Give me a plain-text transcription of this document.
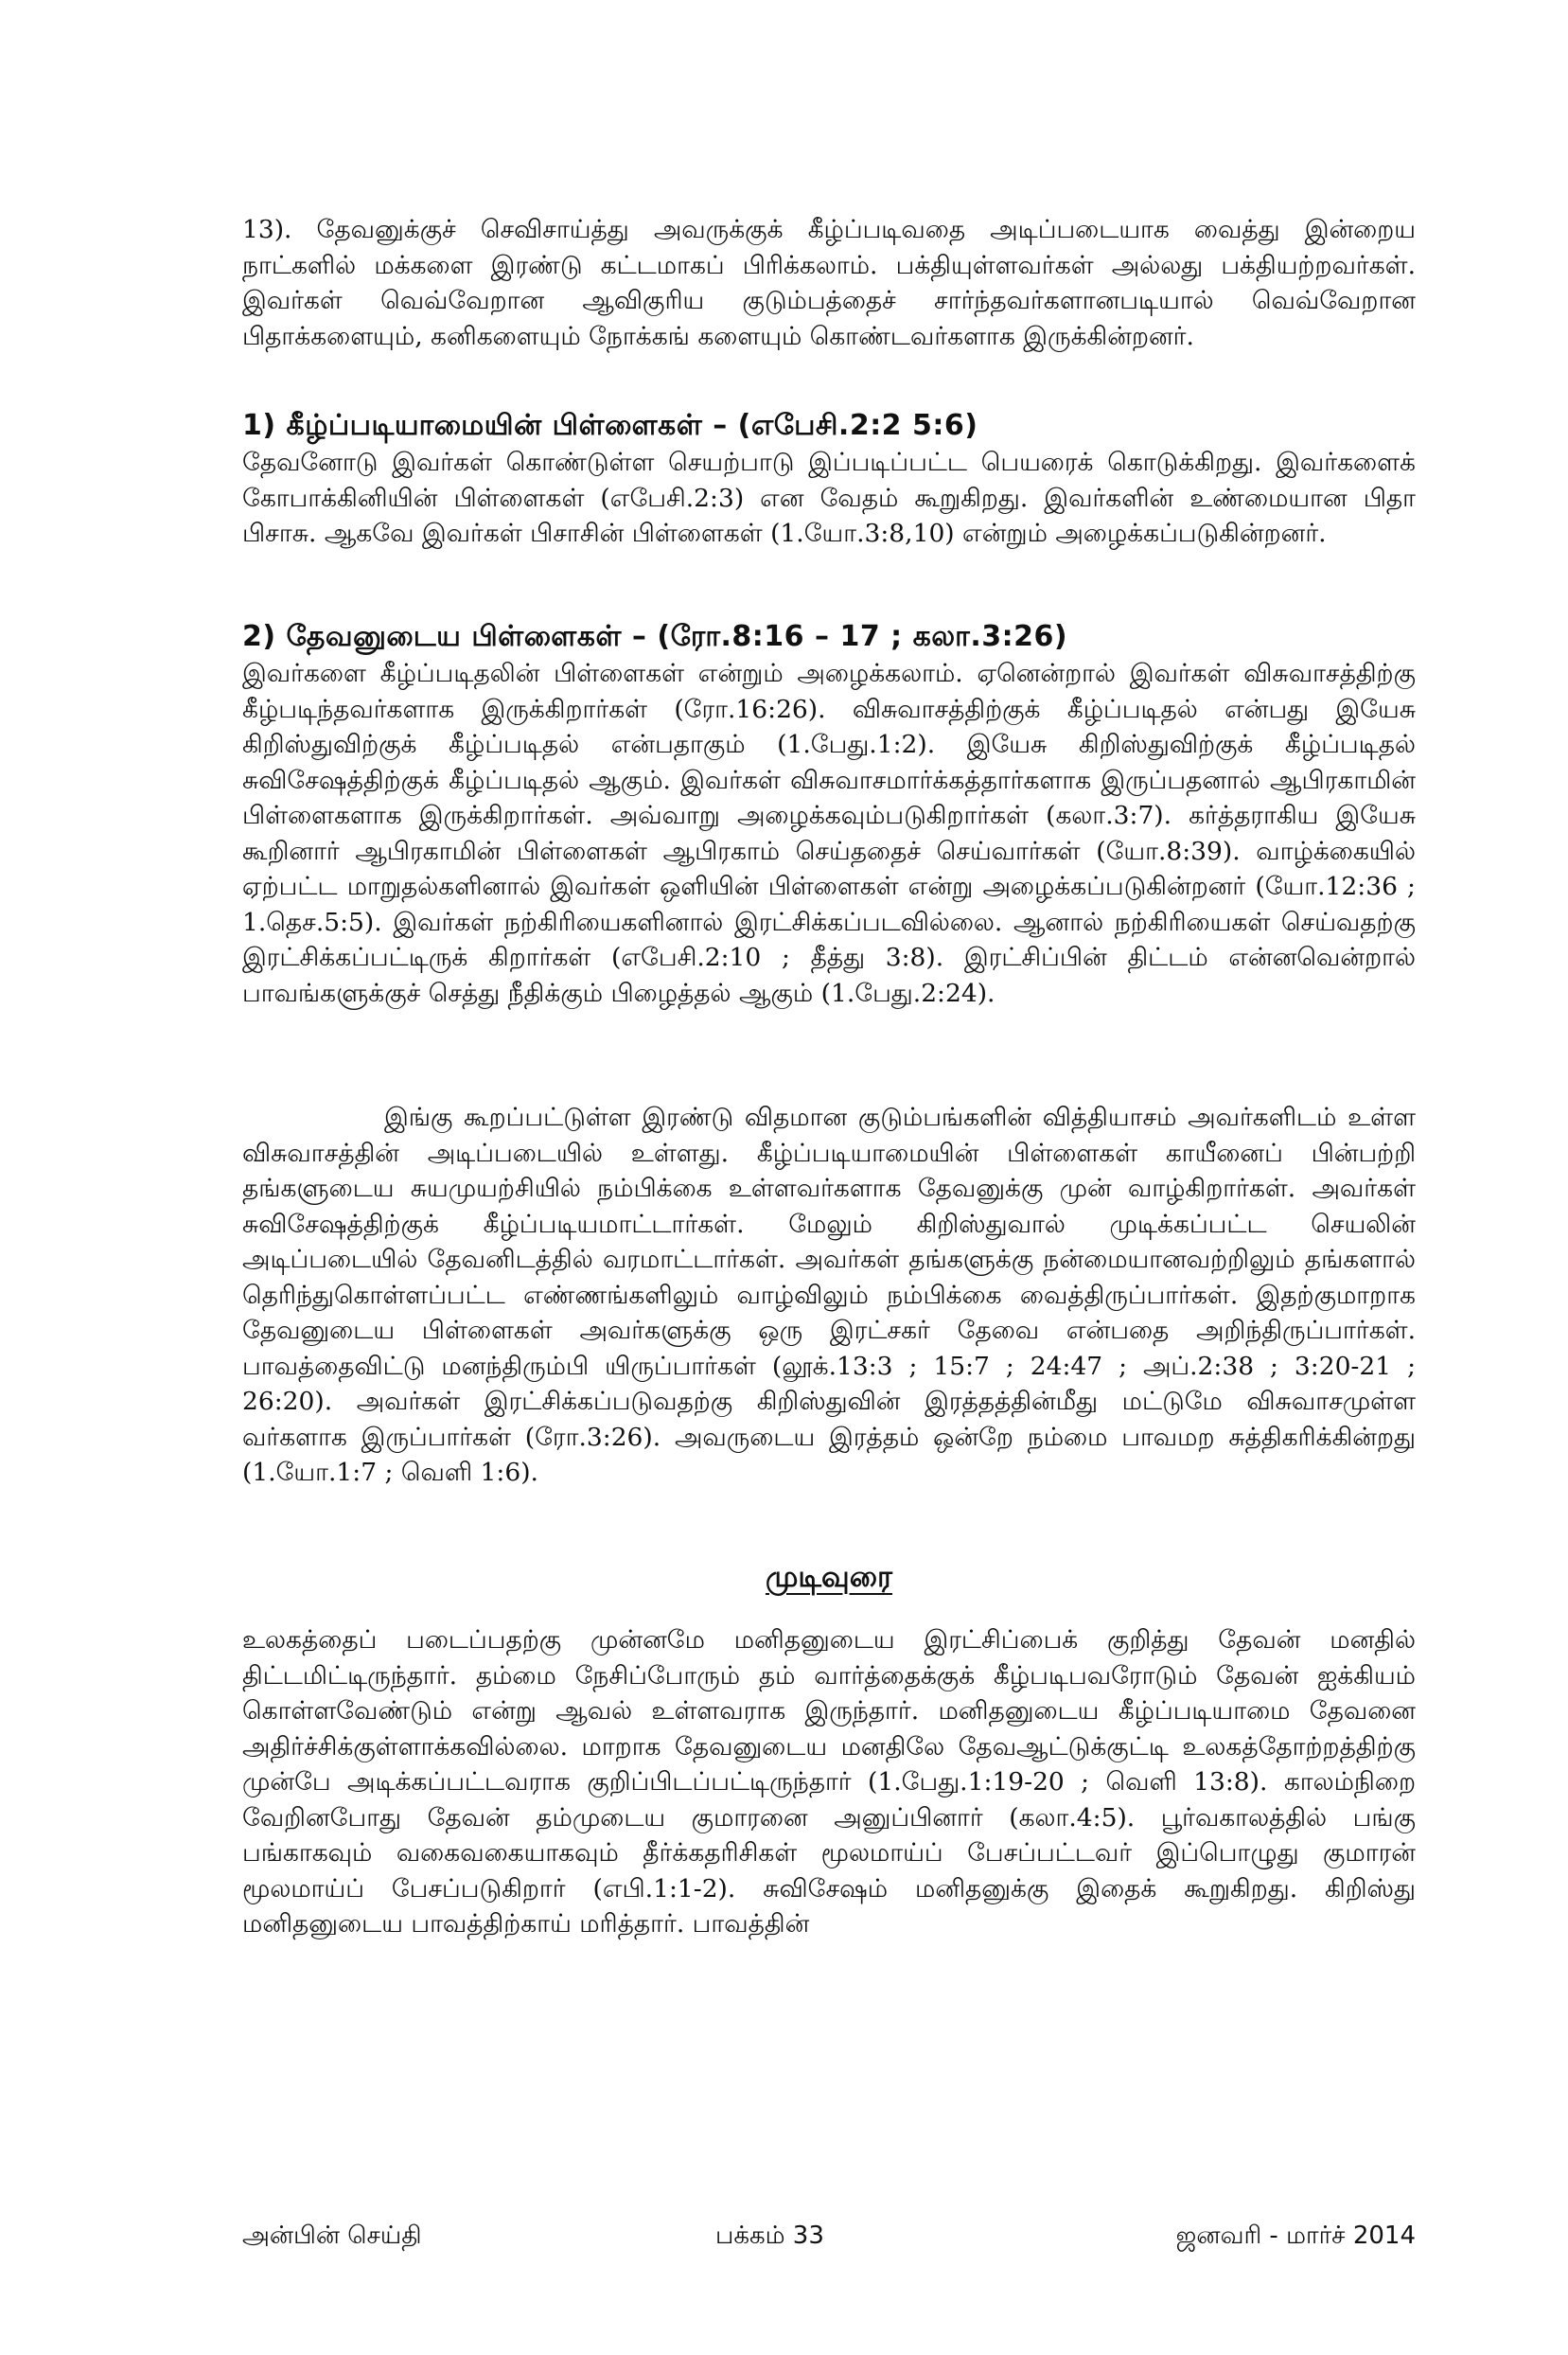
13). தேவனுக்குச் செவிசாய்த்து அவருக்குக் கீழ்ப்படிவதை அடிப்படையாக வைத்து இன்றைய நாட்களில் மக்களை இரண்டு கட்டமாகப் பிரிக்கலாம். பக்தியுள்ளவர்கள் அல்லது பக்தியற்றவர்கள். இவர்கள் வெவ்வேறான ஆவிகுரிய குடும்பத்தைச் சார்ந்தவர்களானபடியால் வெவ்வேறான பிதாக்களையும், கனிகளையும் நோக்கங் களையும் கொண்டவர்களாக இருக்கின்றனர்.

1) கீழ்ப்படியாமையின் பிள்ளைகள் – (எபேசி.2:2 5:6)

தேவனோடு இவர்கள் கொண்டுள்ள செயற்பாடு இப்படிப்பட்ட பெயரைக் கொடுக்கிறது. இவர்களைக் கோபாக்கினியின் பிள்ளைகள் (எபேசி.2:3) என வேதம் கூறுகிறது. இவர்களின் உண்மையான பிதா பிசாசு. ஆகவே இவர்கள் பிசாசின் பிள்ளைகள் (1.யோ.3:8,10) என்றும் அழைக்கப்படுகின்றனர்.

2) தேவனுடைய பிள்ளைகள் – (ரோ.8:16 – 17 ; கலா.3:26)

இவர்களை கீழ்ப்படிதலின் பிள்ளைகள் என்றும் அழைக்கலாம். ஏனென்றால் இவர்கள் விசுவாசத்திற்கு கீழ்படிந்தவர்களாக இருக்கிறார்கள் (ரோ.16:26). விசுவாசத்திற்குக் கீழ்ப்படிதல் என்பது இயேசு கிறிஸ்துவிற்குக் கீழ்ப்படிதல் என்பதாகும் (1.பேது.1:2). இயேசு கிறிஸ்துவிற்குக் கீழ்ப்படிதல் சுவிசேஷத்திற்குக் கீழ்ப்படிதல் ஆகும். இவர்கள் விசுவாசமார்க்கத்தார்களாக இருப்பதனால் ஆபிரகாமின் பிள்ளைகளாக இருக்கிறார்கள். அவ்வாறு அழைக்கவும்படுகிறார்கள் (கலா.3:7). கர்த்தராகிய இயேசு கூறினார் ஆபிரகாமின் பிள்ளைகள் ஆபிரகாம் செய்ததைச் செய்வார்கள் (யோ.8:39). வாழ்க்கையில் ஏற்பட்ட மாறுதல்களினால் இவர்கள் ஒளியின் பிள்ளைகள் என்று அழைக்கப்படுகின்றனர் (யோ.12:36 ; 1.தெச.5:5). இவர்கள் நற்கிரியைகளினால் இரட்சிக்கப்படவில்லை. ஆனால் நற்கிரியைகள் செய்வதற்கு இரட்சிக்கப்பட்டிருக் கிறார்கள் (எபேசி.2:10 ; தீத்து 3:8). இரட்சிப்பின் திட்டம் என்னவென்றால் பாவங்களுக்குச் செத்து நீதிக்கும் பிழைத்தல் ஆகும் (1.பேது.2:24).

இங்கு கூறப்பட்டுள்ள இரண்டு விதமான குடும்பங்களின் வித்தியாசம் அவர்களிடம் உள்ள விசுவாசத்தின் அடிப்படையில் உள்ளது. கீழ்ப்படியாமையின் பிள்ளைகள் காயீனைப் பின்பற்றி தங்களுடைய சுயமுயற்சியில் நம்பிக்கை உள்ளவர்களாக தேவனுக்கு முன் வாழ்கிறார்கள். அவர்கள் சுவிசேஷத்திற்குக் கீழ்ப்படியமாட்டார்கள். மேலும் கிறிஸ்துவால் முடிக்கப்பட்ட செயலின் அடிப்படையில் தேவனிடத்தில் வரமாட்டார்கள். அவர்கள் தங்களுக்கு நன்மையானவற்றிலும் தங்களால் தெரிந்துகொள்ளப்பட்ட எண்ணங்களிலும் வாழ்விலும் நம்பிக்கை வைத்திருப்பார்கள். இதற்குமாறாக தேவனுடைய பிள்ளைகள் அவர்களுக்கு ஒரு இரட்சகர் தேவை என்பதை அறிந்திருப்பார்கள். பாவத்தைவிட்டு மனந்திரும்பி யிருப்பார்கள் (லூக்.13:3 ; 15:7 ; 24:47 ; அப்.2:38 ; 3:20-21 ; 26:20). அவர்கள் இரட்சிக்கப்படுவதற்கு கிறிஸ்துவின் இரத்தத்தின்மீது மட்டுமே விசுவாசமுள்ள வர்களாக இருப்பார்கள் (ரோ.3:26). அவருடைய இரத்தம் ஒன்றே நம்மை பாவமற சுத்திகரிக்கின்றது (1.யோ.1:7 ; வெளி 1:6).

முடிவுரை

உலகத்தைப் படைப்பதற்கு முன்னமே மனிதனுடைய இரட்சிப்பைக் குறித்து தேவன் மனதில் திட்டமிட்டிருந்தார். தம்மை நேசிப்போரும் தம் வார்த்தைக்குக் கீழ்படிபவரோடும் தேவன் ஐக்கியம் கொள்ளவேண்டும் என்று ஆவல் உள்ளவராக இருந்தார். மனிதனுடைய கீழ்ப்படியாமை தேவனை அதிர்ச்சிக்குள்ளாக்கவில்லை. மாறாக தேவனுடைய மனதிலே தேவஆட்டுக்குட்டி உலகத்தோற்றத்திற்கு முன்பே அடிக்கப்பட்டவராக குறிப்பிடப்பட்டிருந்தார் (1.பேது.1:19-20 ; வெளி 13:8). காலம்நிறை வேறினபோது தேவன் தம்முடைய குமாரனை அனுப்பினார் (கலா.4:5). பூர்வகாலத்தில் பங்கு பங்காகவும் வகைவகையாகவும் தீர்க்கதரிசிகள் மூலமாய்ப் பேசப்பட்டவர் இப்பொழுது குமாரன் மூலமாய்ப் பேசப்படுகிறார் (எபி.1:1-2). சுவிசேஷம் மனிதனுக்கு இதைக் கூறுகிறது. கிறிஸ்து மனிதனுடைய பாவத்திற்காய் மரித்தார். பாவத்தின்

அன்பின் செய்தி	பக்கம் 33	ஜனவரி - மார்ச் 2014
